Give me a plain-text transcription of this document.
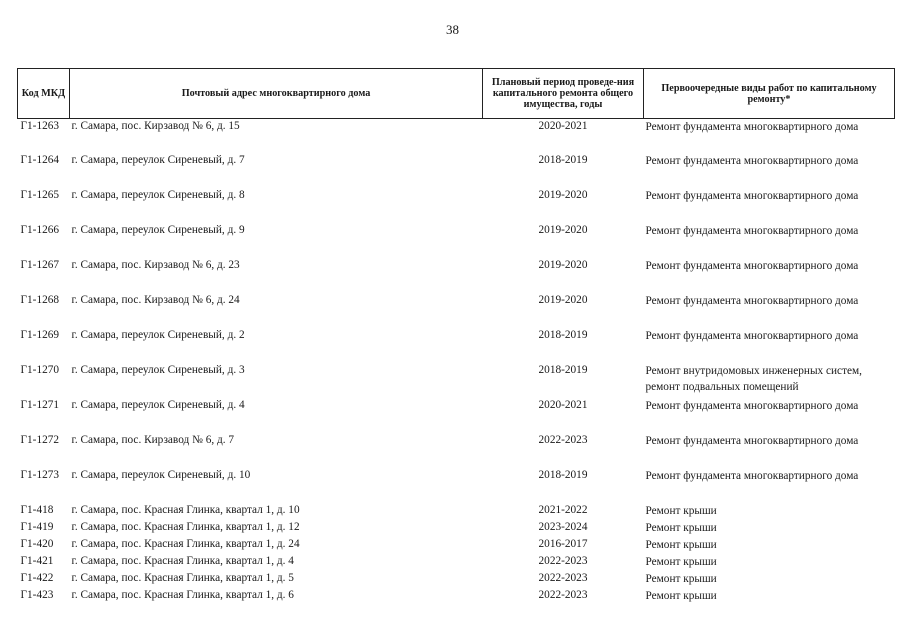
38
Код МКД	Почтовый адрес многоквартирного дома	Плановый период проведе-ния капитального ремонта общего имущества, годы	Первоочередные виды работ по капитальному ремонту*
Г1-1263	г. Самара, пос. Кирзавод № 6, д. 15	2020-2021	Ремонт фундамента многоквартирного дома
Г1-1264	г. Самара, переулок Сиреневый, д. 7	2018-2019	Ремонт фундамента многоквартирного дома
Г1-1265	г. Самара, переулок Сиреневый, д. 8	2019-2020	Ремонт фундамента многоквартирного дома
Г1-1266	г. Самара, переулок Сиреневый, д. 9	2019-2020	Ремонт фундамента многоквартирного дома
Г1-1267	г. Самара, пос. Кирзавод № 6, д. 23	2019-2020	Ремонт фундамента многоквартирного дома
Г1-1268	г. Самара, пос. Кирзавод № 6, д. 24	2019-2020	Ремонт фундамента многоквартирного дома
Г1-1269	г. Самара, переулок Сиреневый, д. 2	2018-2019	Ремонт фундамента многоквартирного дома
Г1-1270	г. Самара, переулок Сиреневый, д. 3	2018-2019	Ремонт внутридомовых инженерных систем, ремонт подвальных помещений
Г1-1271	г. Самара, переулок Сиреневый, д. 4	2020-2021	Ремонт фундамента многоквартирного дома
Г1-1272	г. Самара, пос. Кирзавод № 6, д. 7	2022-2023	Ремонт фундамента многоквартирного дома
Г1-1273	г. Самара, переулок Сиреневый, д. 10	2018-2019	Ремонт фундамента многоквартирного дома
Г1-418	г. Самара, пос. Красная Глинка, квартал 1, д. 10	2021-2022	Ремонт крыши
Г1-419	г. Самара, пос. Красная Глинка, квартал 1, д. 12	2023-2024	Ремонт крыши
Г1-420	г. Самара, пос. Красная Глинка, квартал 1, д. 24	2016-2017	Ремонт крыши
Г1-421	г. Самара, пос. Красная Глинка, квартал 1, д. 4	2022-2023	Ремонт крыши
Г1-422	г. Самара, пос. Красная Глинка, квартал 1, д. 5	2022-2023	Ремонт крыши
Г1-423	г. Самара, пос. Красная Глинка, квартал 1, д. 6	2022-2023	Ремонт крыши
